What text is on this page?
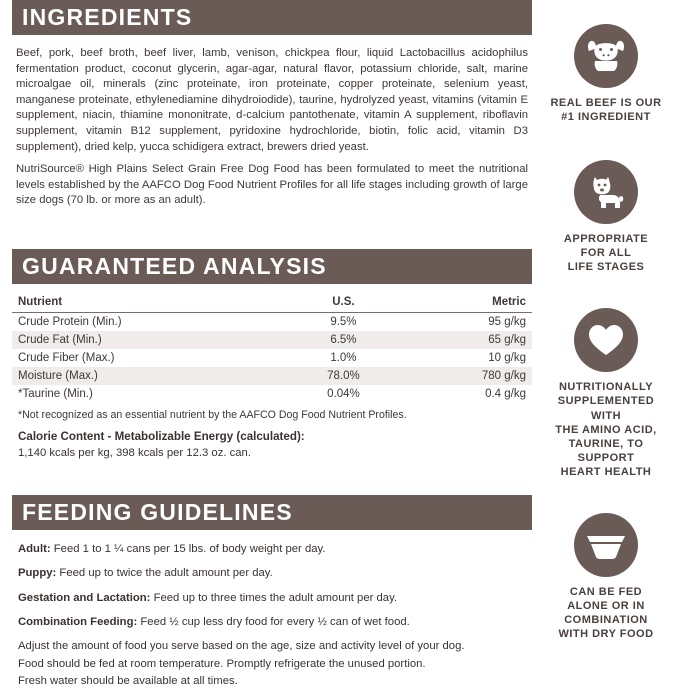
INGREDIENTS

Beef, pork, beef broth, beef liver, lamb, venison, chickpea flour, liquid Lactobacillus acidophilus fermentation product, coconut glycerin, agar-agar, natural flavor, potassium chloride, salt, marine microalgae oil, minerals (zinc proteinate, iron proteinate, copper proteinate, selenium yeast, manganese proteinate, ethylenediamine dihydroiodide), taurine, hydrolyzed yeast, vitamins (vitamin E supplement, niacin, thiamine mononitrate, d-calcium pantothenate, vitamin A supplement, riboflavin supplement, vitamin B12 supplement, pyridoxine hydrochloride, biotin, folic acid, vitamin D3 supplement), dried kelp, yucca schidigera extract, brewers dried yeast.

NutriSource® High Plains Select Grain Free Dog Food has been formulated to meet the nutritional levels established by the AAFCO Dog Food Nutrient Profiles for all life stages including growth of large size dogs (70 lb. or more as an adult).

GUARANTEED ANALYSIS
Nutrient	U.S.	Metric
Crude Protein (Min.)	9.5%	95 g/kg
Crude Fat (Min.)	6.5%	65 g/kg
Crude Fiber (Max.)	1.0%	10 g/kg
Moisture (Max.)	78.0%	780 g/kg
*Taurine (Min.)	0.04%	0.4 g/kg
*Not recognized as an essential nutrient by the AAFCO Dog Food Nutrient Profiles.
Calorie Content - Metabolizable Energy (calculated):
1,140 kcals per kg, 398 kcals per 12.3 oz. can.
FEEDING GUIDELINES
Adult: Feed 1 to 1 ¼ cans per 15 lbs. of body weight per day.
Puppy: Feed up to twice the adult amount per day.
Gestation and Lactation: Feed up to three times the adult amount per day.
Combination Feeding: Feed ½ cup less dry food for every ½ can of wet food.
Adjust the amount of food you serve based on the age, size and activity level of your dog.
Food should be fed at room temperature. Promptly refrigerate the unused portion.
Fresh water should be available at all times.
REAL BEEF IS OUR
#1 INGREDIENT
APPROPRIATE
FOR ALL
LIFE STAGES
NUTRITIONALLY
SUPPLEMENTED
WITH
THE AMINO ACID,
TAURINE, TO SUPPORT
HEART HEALTH
CAN BE FED
ALONE OR IN
COMBINATION
WITH DRY FOOD
